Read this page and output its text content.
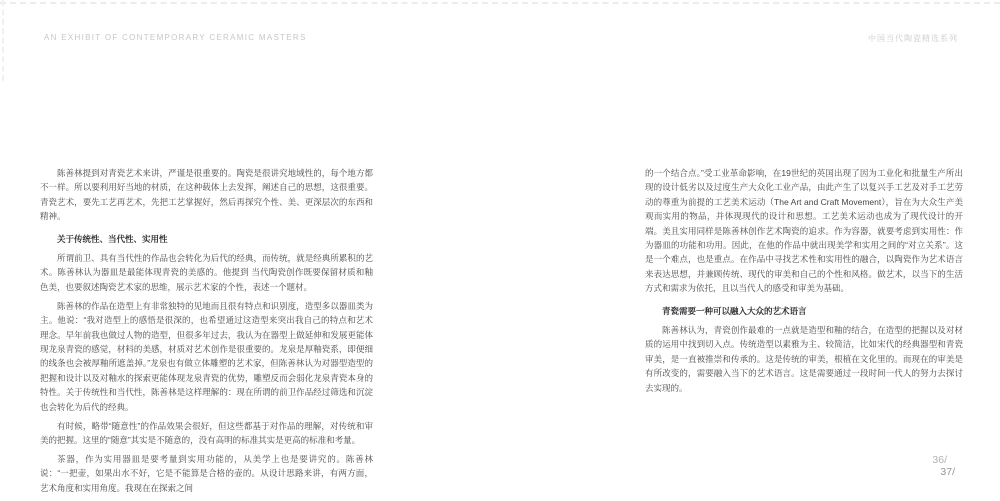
AN EXHIBIT OF CONTEMPORARY CERAMIC MASTERS	中国当代陶瓷精选系列

陈善林提到对青瓷艺术来讲，严谨是很重要的。陶瓷是很讲究地域性的，每个地方都不一样。所以要利用好当地的材质，在这种载体上去发挥，阐述自己的思想，这很重要。青瓷艺术，要先工艺再艺术，先把工艺掌握好，然后再探究个性、美、更深层次的东西和精神。

关于传统性、当代性、实用性

所谓前卫、具有当代性的作品也会转化为后代的经典，而传统，就是经典所累积的艺术。陈善林认为器皿是最能体现青瓷的美感的。他提到 当代陶瓷创作既要保留材质和釉色美，也要叙述陶瓷艺术家的思维，展示艺术家的个性，表述一个题材。

陈善林的作品在造型上有非常独特的见地而且很有特点和识别度，造型多以器皿类为主。他说：“我对造型上的感悟是很深的，也希望通过这造型来突出我自己的特点和艺术理念。早年前我也做过人物的造型，但很多年过去，我认为在器型上做延伸和发展更能体现龙泉青瓷的感觉，材料的美感，材质对艺术创作是很重要的。龙泉是厚釉瓷系，即便细的线条也会被厚釉所遮盖掉。”龙泉也有做立体雕塑的艺术家，但陈善林认为对器型造型的把握和设计以及对釉水的探索更能体现龙泉青瓷的优势，雕塑反而会弱化龙泉青瓷本身的特性。关于传统性和当代性，陈善林是这样理解的：现在所谓的前卫作品经过筛选和沉淀也会转化为后代的经典。

有时候，略带“随意性”的作品效果会很好，但这些都基于对作品的理解，对传统和审美的把握。这里的“随意”其实是不随意的，没有高明的标准其实是更高的标准和考量。

茶器，作为实用器皿是要考量到实用功能的，从美学上也是要讲究的。陈善林说：“一把壶，如果出水不好，它是不能算是合格的壶的。从设计思路来讲，有两方面，艺术角度和实用角度。我现在在探索之间

的一个结合点。”受工业革命影响，在19世纪的英国出现了因为工业化和批量生产所出现的设计低劣以及过度生产大众化工业产品，由此产生了以复兴手工艺及对手工艺劳动的尊重为前提的工艺美术运动（The Art and Craft Movement），旨在为大众生产美观而实用的物品，并体现现代的设计和思想。工艺美术运动也成为了现代设计的开端。美且实用同样是陈善林创作艺术陶瓷的追求。作为容器，就要考虑到实用性：作为器皿的功能和功用。因此，在他的作品中就出现美学和实用之间的“对立关系”。这是一个难点，也是重点。在作品中寻找艺术性和实用性的融合，以陶瓷作为艺术语言来表达思想，并兼顾传统、现代的审美和自己的个性和风格。做艺术，以当下的生活方式和需求为依托，且以当代人的感受和审美为基础。

青瓷需要一种可以融入大众的艺术语言

陈善林认为，青瓷创作最难的一点就是造型和釉的结合，在造型的把握以及对材质的运用中找到切入点。传统造型以素雅为主、较简洁，比如宋代的经典器型和青瓷审美，是一直被推崇和传承的。这是传统的审美，根植在文化里的。而现在的审美是有所改变的，需要融入当下的艺术语言。这是需要通过一段时间一代人的努力去探讨去实现的。

36/
37/
